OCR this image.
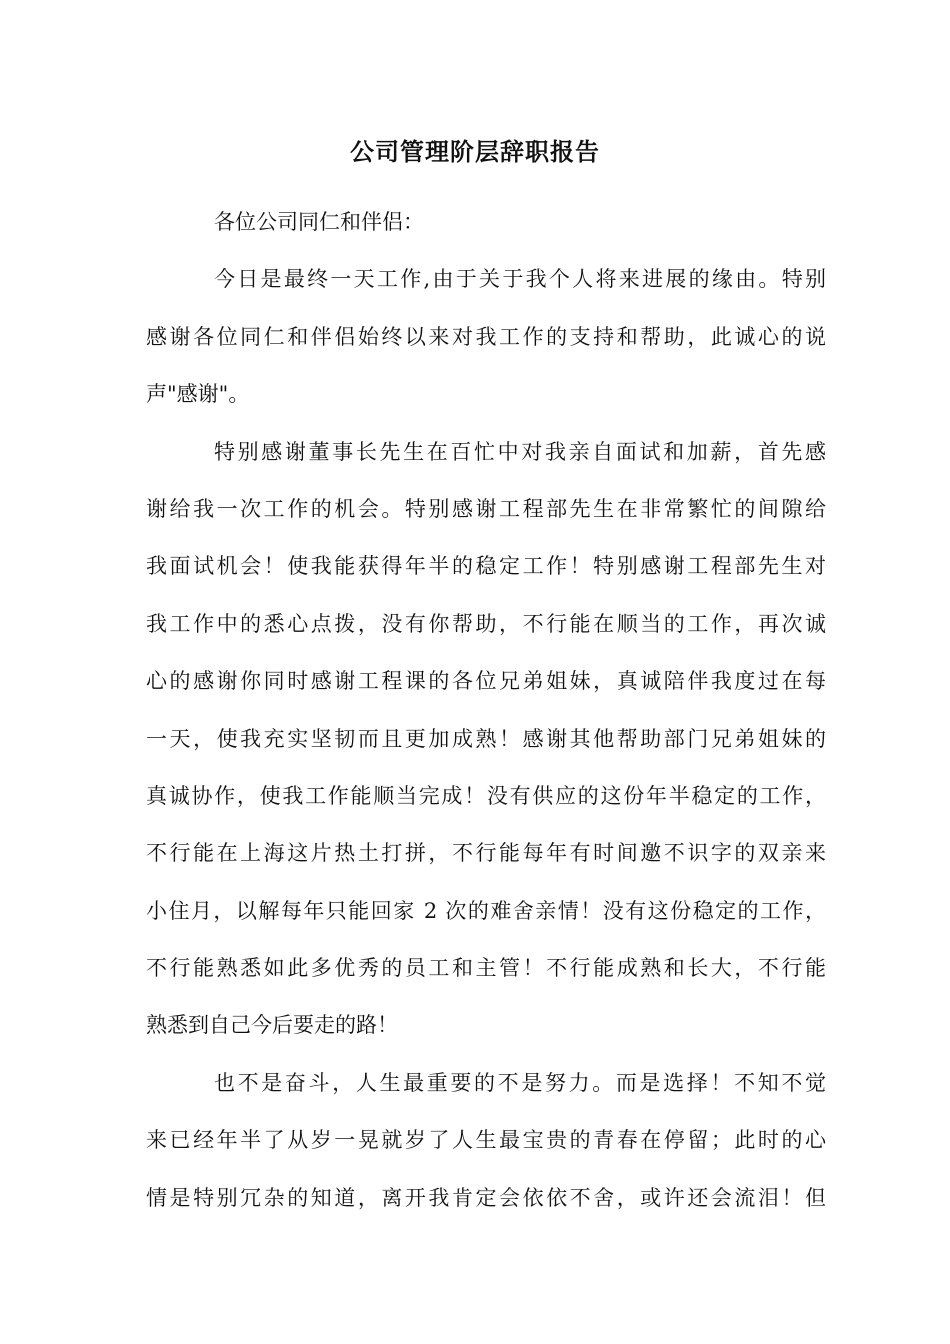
公司管理阶层辞职报告
各位公司同仁和伴侣：
今日是最终一天工作,由于关于我个人将来进展的缘由。特别
感谢各位同仁和伴侣始终以来对我工作的支持和帮助，此诚心的说
声"感谢"。
特别感谢董事长先生在百忙中对我亲自面试和加薪，首先感
谢给我一次工作的机会。特别感谢工程部先生在非常繁忙的间隙给
我面试机会！使我能获得年半的稳定工作！特别感谢工程部先生对
我工作中的悉心点拨，没有你帮助，不行能在顺当的工作，再次诚
心的感谢你同时感谢工程课的各位兄弟姐妹，真诚陪伴我度过在每
一天，使我充实坚韧而且更加成熟！感谢其他帮助部门兄弟姐妹的
真诚协作，使我工作能顺当完成！没有供应的这份年半稳定的工作，
不行能在上海这片热土打拼，不行能每年有时间邀不识字的双亲来
小住月，以解每年只能回家 2 次的难舍亲情！没有这份稳定的工作，
不行能熟悉如此多优秀的员工和主管！不行能成熟和长大，不行能
熟悉到自己今后要走的路！
也不是奋斗，人生最重要的不是努力。而是选择！不知不觉
来已经年半了从岁一晃就岁了人生最宝贵的青春在停留；此时的心
情是特别冗杂的知道，离开我肯定会依依不舍，或许还会流泪！但
